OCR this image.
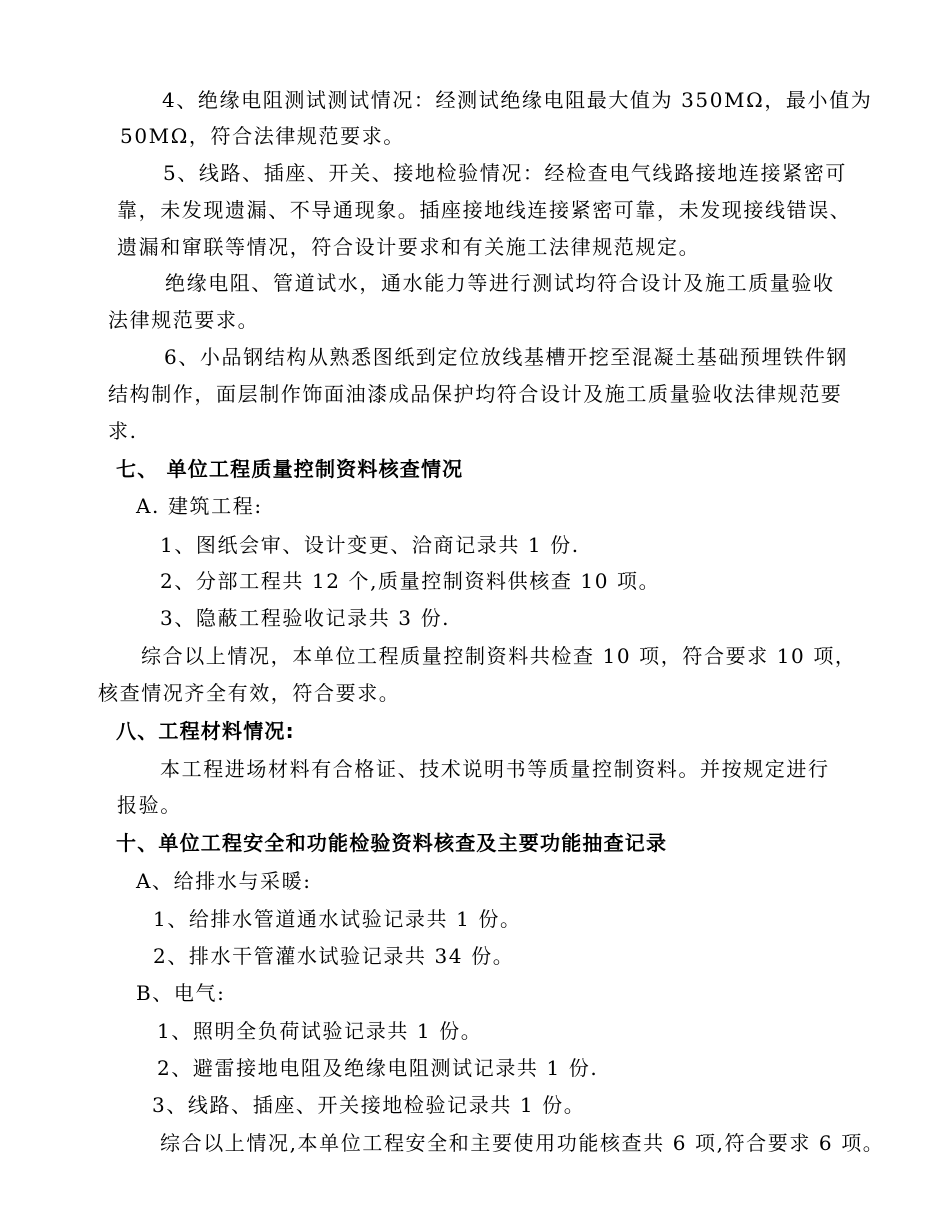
4、绝缘电阻测试测试情况：经测试绝缘电阻最大值为 350MΩ，最小值为
50MΩ，符合法律规范要求。
5、线路、插座、开关、接地检验情况：经检查电气线路接地连接紧密可
靠，未发现遗漏、不导通现象。插座接地线连接紧密可靠，未发现接线错误、
遗漏和窜联等情况，符合设计要求和有关施工法律规范规定。
绝缘电阻、管道试水，通水能力等进行测试均符合设计及施工质量验收
法律规范要求。
6、小品钢结构从熟悉图纸到定位放线基槽开挖至混凝土基础预埋铁件钢
结构制作，面层制作饰面油漆成品保护均符合设计及施工质量验收法律规范要
求.
七、 单位工程质量控制资料核查情况
A. 建筑工程:
1、图纸会审、设计变更、洽商记录共 1 份.
2、分部工程共 12 个,质量控制资料供核查 10 项。
3、隐蔽工程验收记录共 3 份.
综合以上情况，本单位工程质量控制资料共检查 10 项，符合要求 10 项，
核查情况齐全有效，符合要求。
八、工程材料情况:
本工程进场材料有合格证、技术说明书等质量控制资料。并按规定进行
报验。
十、单位工程安全和功能检验资料核查及主要功能抽查记录
A、给排水与采暖:
1、给排水管道通水试验记录共 1 份。
2、排水干管灌水试验记录共 34 份。
B、电气:
1、照明全负荷试验记录共 1 份。
2、避雷接地电阻及绝缘电阻测试记录共 1 份.
3、线路、插座、开关接地检验记录共 1 份。
综合以上情况,本单位工程安全和主要使用功能核查共 6 项,符合要求 6 项。
